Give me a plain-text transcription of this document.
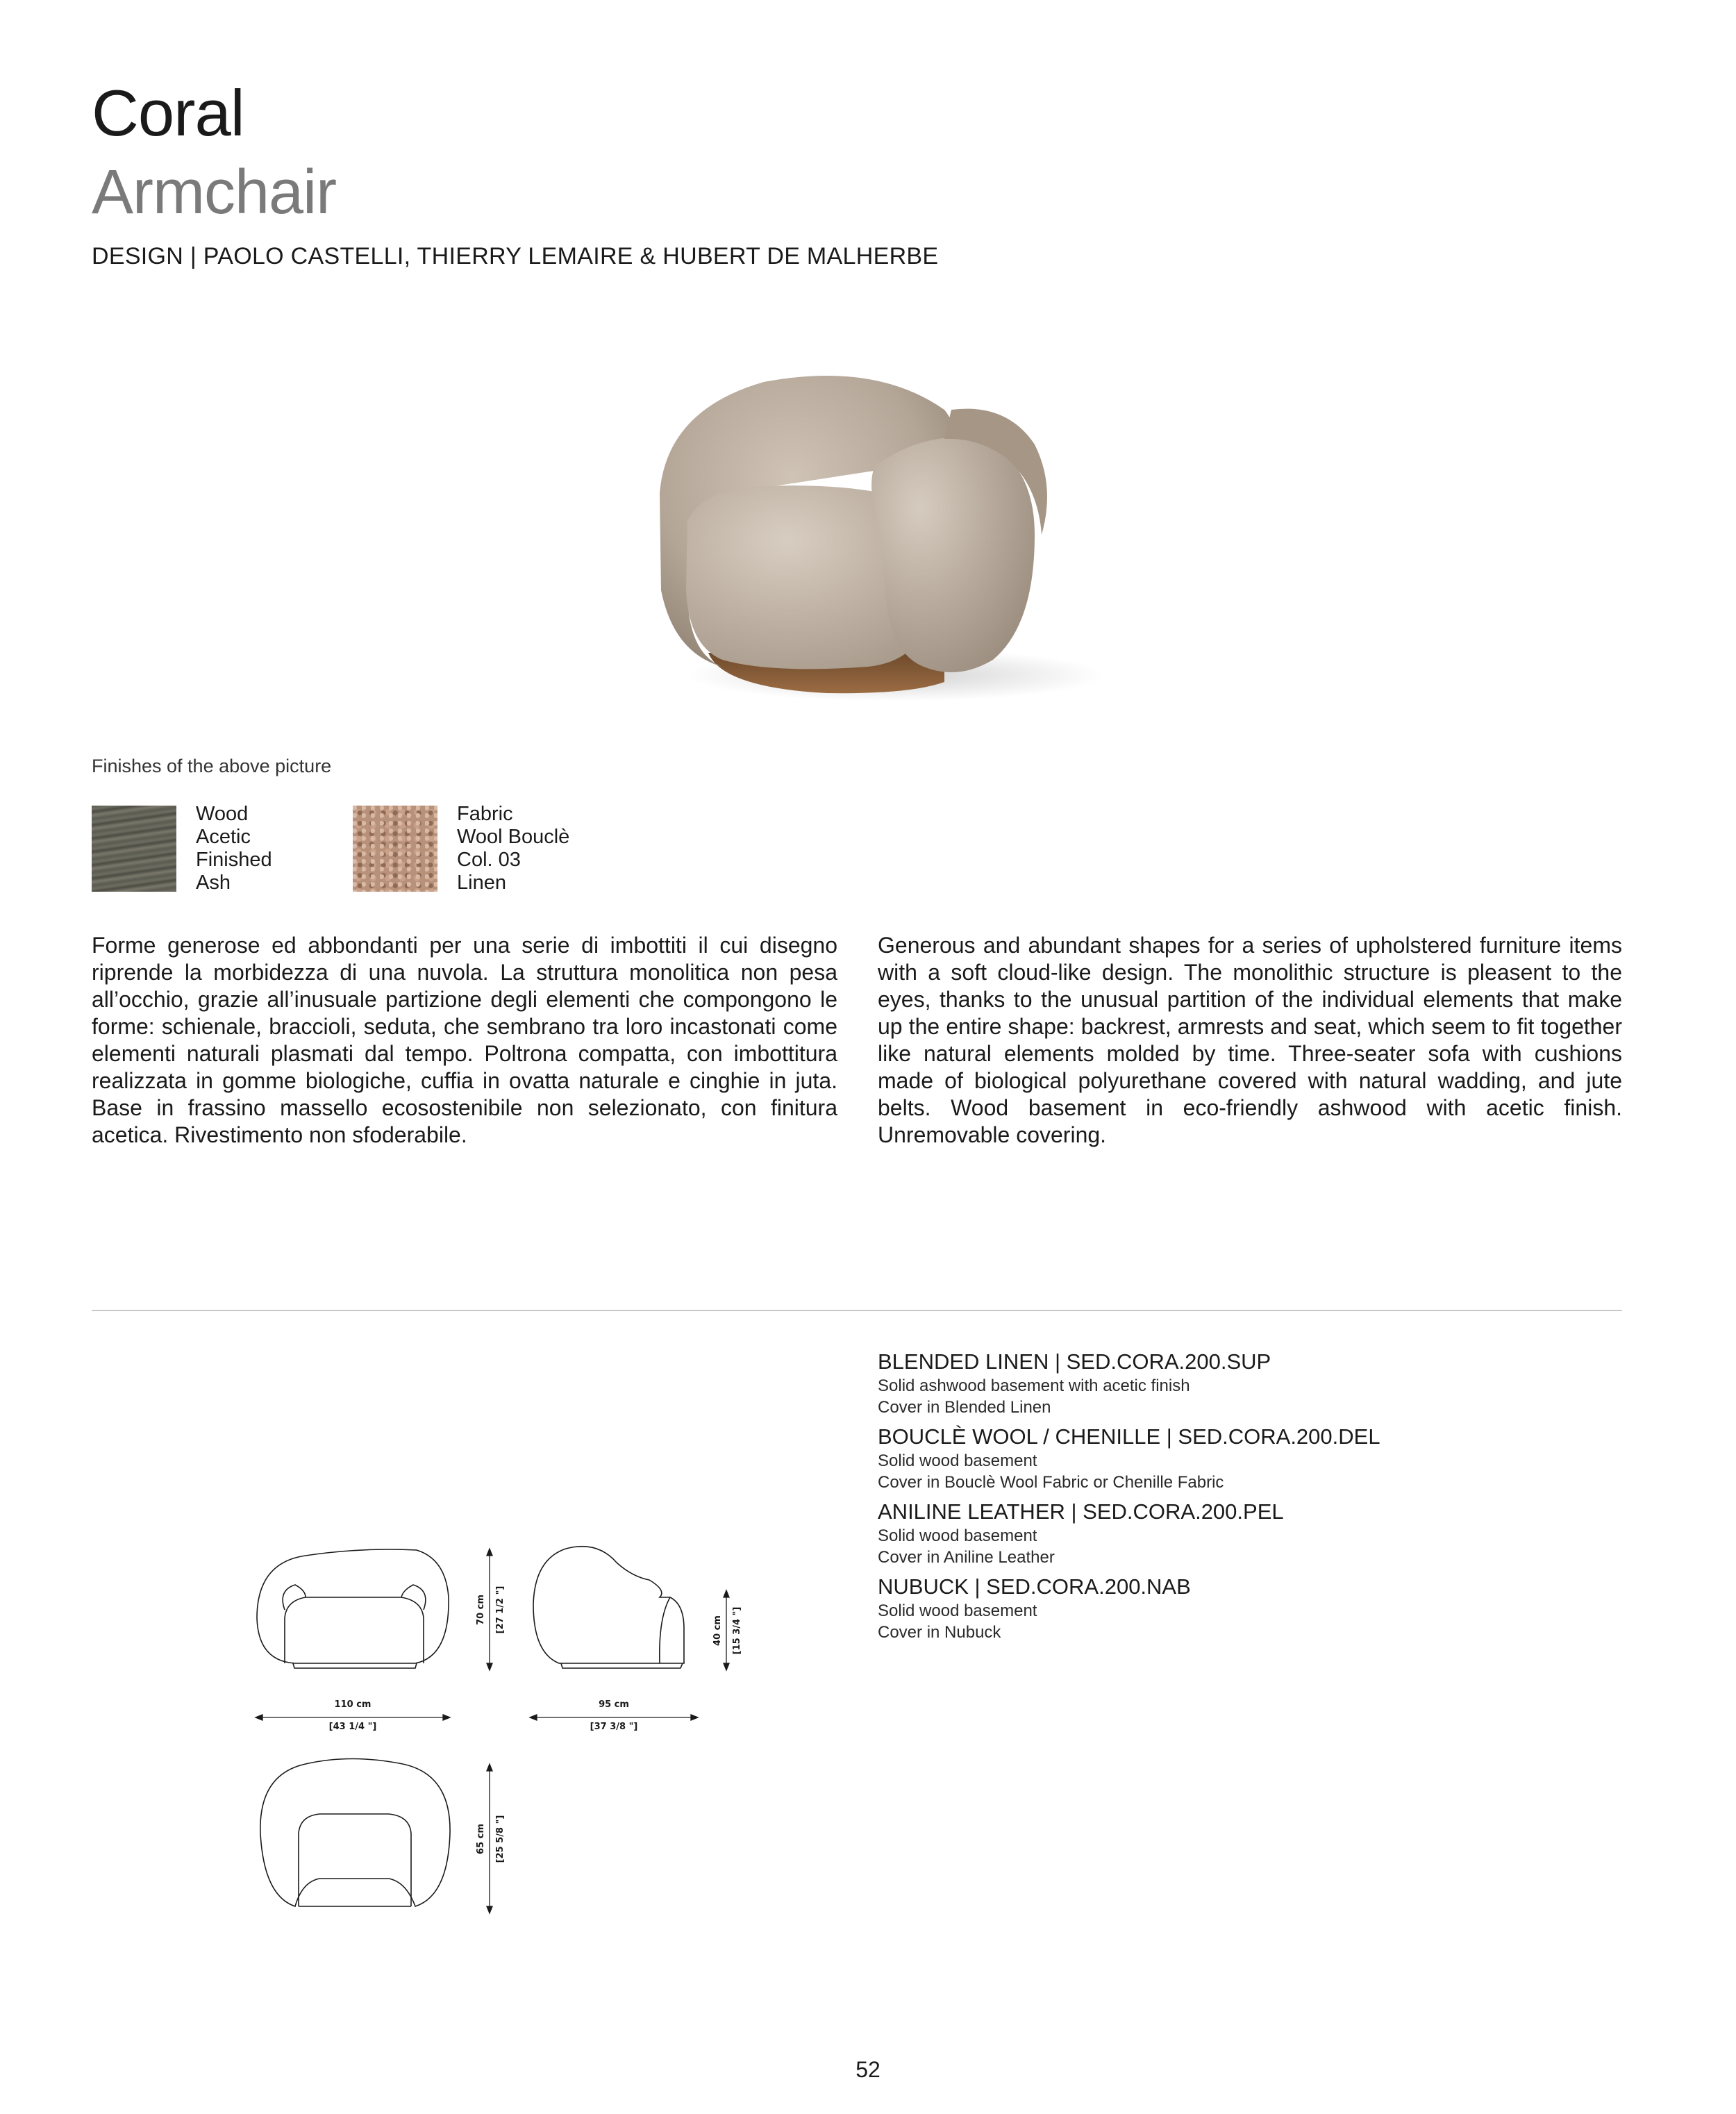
Coral
Armchair
DESIGN | PAOLO CASTELLI, THIERRY LEMAIRE & HUBERT DE MALHERBE
Finishes of the above picture
Wood
Acetic
Finished
Ash
Fabric
Wool Bouclè
Col. 03
Linen
Forme generose ed abbondanti per una serie di imbottiti il cui disegno riprende la morbidezza di una nuvola. La struttura monolitica non pesa all’occhio, grazie all’inusuale partizione degli elementi che compongono le forme: schienale, braccioli, seduta, che sembrano tra loro incastonati come elementi naturali plasmati dal tempo. Poltrona compatta, con imbottitura realizzata in gomme biologiche, cuffia in ovatta naturale e cinghie in juta. Base in frassino massello ecosostenibile non selezionato, con finitura acetica. Rivestimento non sfoderabile.
Generous and abundant shapes for a series of upholstered furniture items with a soft cloud-like design. The monolithic structure is pleasent to the eyes, thanks to the unusual partition of the individual elements that make up the entire shape: backrest, armrests and seat, which seem to fit together like natural elements molded by time. Three-seater sofa with cushions made of biological polyurethane covered with natural wadding, and jute belts. Wood basement in eco-friendly ashwood with acetic finish. Unremovable covering.
110 cm
[43 1/4 "]
95 cm
[37 3/8 "]
70 cm [27 1/2 "]	40 cm [15 3/4 "]
65 cm [25 5/8 "]
BLENDED LINEN | SED.CORA.200.SUP
Solid ashwood basement with acetic finish
Cover in Blended Linen
BOUCLÈ WOOL / CHENILLE | SED.CORA.200.DEL
Solid wood basement
Cover in Bouclè Wool Fabric or Chenille Fabric
ANILINE LEATHER | SED.CORA.200.PEL
Solid wood basement
Cover in Aniline Leather
NUBUCK | SED.CORA.200.NAB
Solid wood basement
Cover in Nubuck
52
